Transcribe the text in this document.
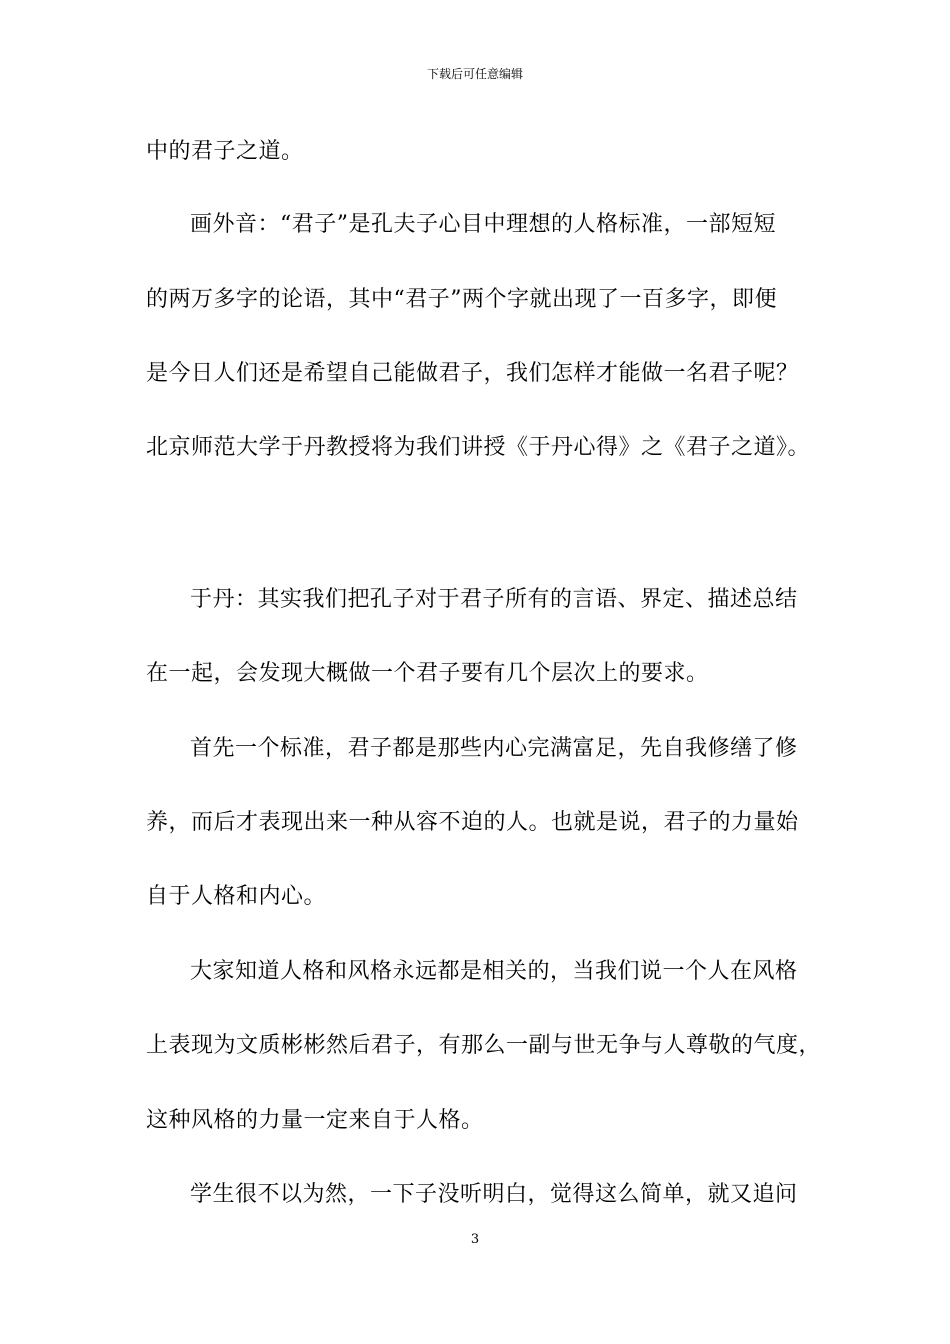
下载后可任意编辑
中的君子之道。
画外音：“君子”是孔夫子心目中理想的人格标准，一部短短
的两万多字的论语，其中“君子”两个字就出现了一百多字，即便
是今日人们还是希望自己能做君子，我们怎样才能做一名君子呢？
北京师范大学于丹教授将为我们讲授《于丹心得》之《君子之道》。
于丹：其实我们把孔子对于君子所有的言语、界定、描述总结
在一起，会发现大概做一个君子要有几个层次上的要求。
首先一个标准，君子都是那些内心完满富足，先自我修缮了修
养，而后才表现出来一种从容不迫的人。也就是说，君子的力量始
自于人格和内心。
大家知道人格和风格永远都是相关的，当我们说一个人在风格
上表现为文质彬彬然后君子，有那么一副与世无争与人尊敬的气度，
这种风格的力量一定来自于人格。
学生很不以为然，一下子没听明白，觉得这么简单，就又追问
3
